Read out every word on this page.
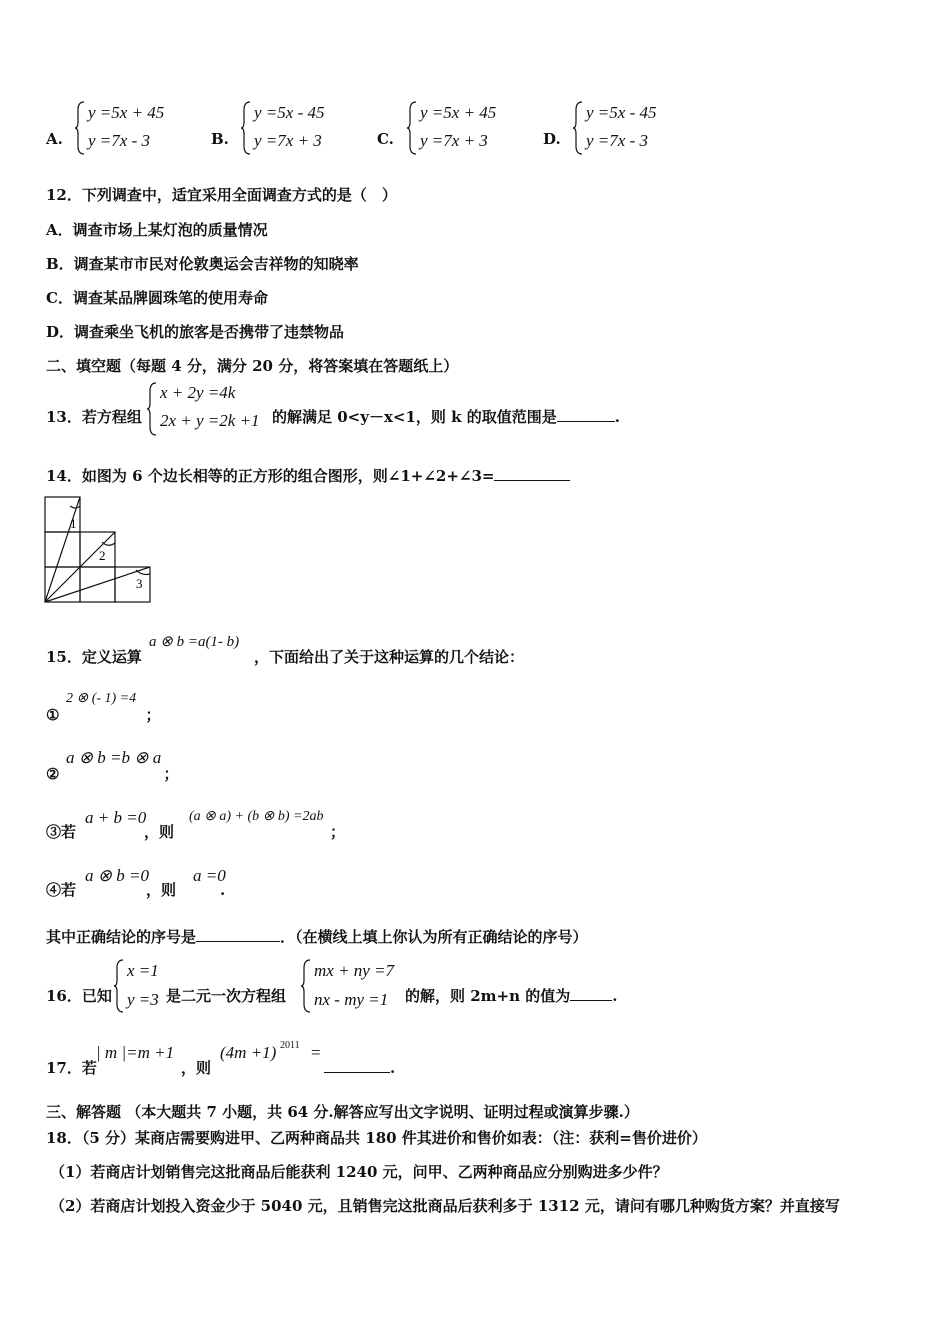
A.
y =5x + 45
y =7x - 3	B.
y =5x - 45
y =7x + 3	C.
y =5x + 45
y =7x + 3	D.
y =5x - 45
y =7x - 3
12．下列调查中，适宜采用全面调查方式的是（　）
A．调查市场上某灯泡的质量情况
B．调查某市市民对伦敦奥运会吉祥物的知晓率
C．调查某品牌圆珠笔的使用寿命
D．调查乘坐飞机的旅客是否携带了违禁物品
二、填空题（每题 4 分，满分 20 分，将答案填在答题纸上）
13．若方程组
x + 2y =4k
2x + y =2k +1 的解满足 0<y－x<1，则 k 的取值范围是	.
14．如图为 6 个边长相等的正方形的组合图形，则∠1+∠2+∠3=
1
2
3
15．定义运算
a ⊗ b =a(1- b)
，下面给出了关于这种运算的几个结论：
①	；
2 ⊗ (- 1) =4
②	；
a ⊗ b =b ⊗ a
③若	，则	；
a + b =0	(a ⊗ a) + (b ⊗ b) =2ab
④若	，则	.
a ⊗ b =0	a =0
其中正确结论的序号是	．（在横线上填上你认为所有正确结论的序号）
16．已知
x =1
y =3 是二元一次方程组
mx + ny =7
nx - my =1 的解，则 2m+n 的值为	.
17．若
| m |=m +1
，则
(4m +1) 2011 =
.
三、解答题 （本大题共 7 小题，共 64 分.解答应写出文字说明、证明过程或演算步骤.）
18．（5 分）某商店需要购进甲、乙两种商品共 180 件其进价和售价如表：（注：获利=售价进价）
（1）若商店计划销售完这批商品后能获利 1240 元，问甲、乙两种商品应分别购进多少件？
（2）若商店计划投入资金少于 5040 元，且销售完这批商品后获利多于 1312 元，请问有哪几种购货方案？并直接写
